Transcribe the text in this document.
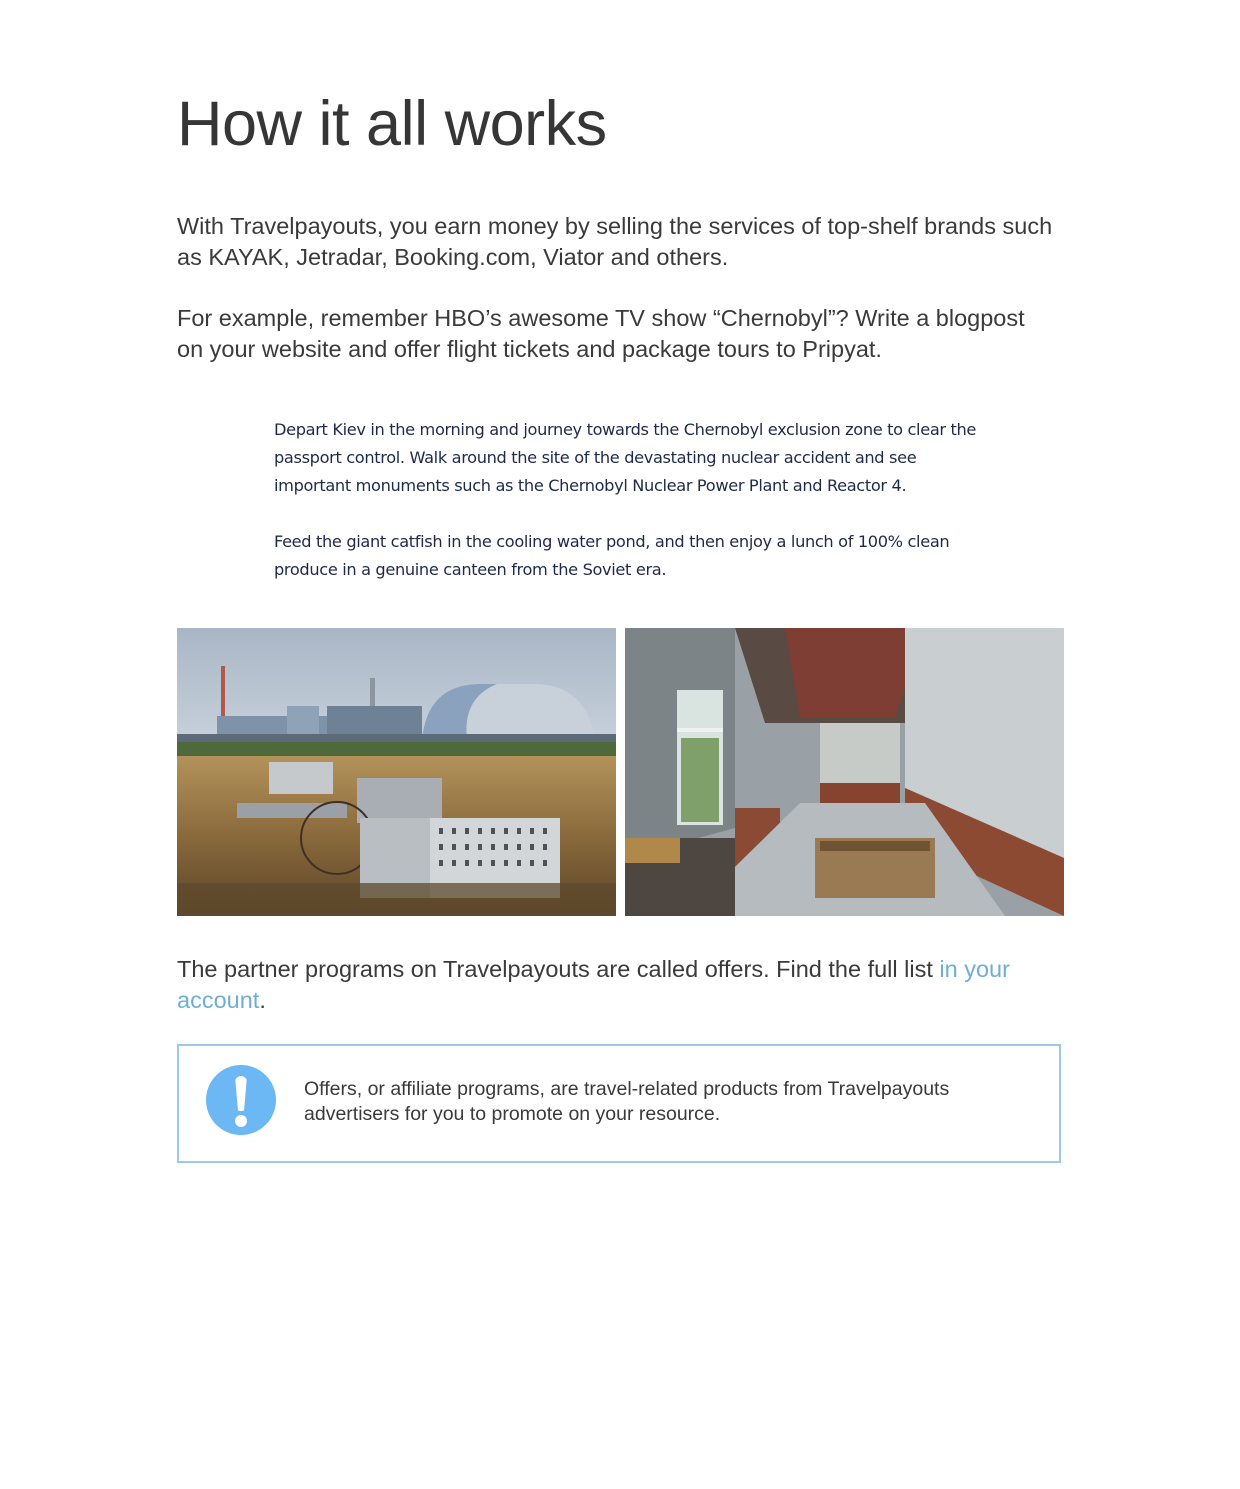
How it all works

With Travelpayouts, you earn money by selling the services of top-shelf brands such as KAYAK, Jetradar, Booking.com, Viator and others.

For example, remember HBO’s awesome TV show “Chernobyl”? Write a blogpost on your website and offer flight tickets and package tours to Pripyat.

Depart Kiev in the morning and journey towards the Chernobyl exclusion zone to clear the passport control. Walk around the site of the devastating nuclear accident and see important monuments such as the Chernobyl Nuclear Power Plant and Reactor 4.

Feed the giant catfish in the cooling water pond, and then enjoy a lunch of 100% clean produce in a genuine canteen from the Soviet era.

The partner programs on Travelpayouts are called offers. Find the full list in your account.

Offers, or affiliate programs, are travel-related products from Travelpayouts advertisers for you to promote on your resource.
